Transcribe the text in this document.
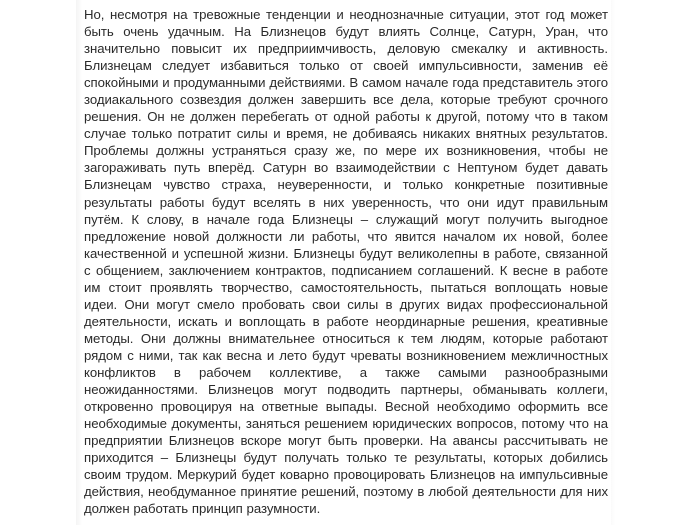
Но, несмотря на тревожные тенденции и неоднозначные ситуации, этот год может быть очень удачным. На Близнецов будут влиять Солнце, Сатурн, Уран, что значительно повысит их предприимчивость, деловую смекалку и активность. Близнецам следует избавиться только от своей импульсивности, заменив её спокойными и продуманными действиями. В самом начале года представитель этого зодиакального созвездия должен завершить все дела, которые требуют срочного решения. Он не должен перебегать от одной работы к другой, потому что в таком случае только потратит силы и время, не добиваясь никаких внятных результатов. Проблемы должны устраняться сразу же, по мере их возникновения, чтобы не загораживать путь вперёд. Сатурн во взаимодействии с Нептуном будет давать Близнецам чувство страха, неуверенности, и только конкретные позитивные результаты работы будут вселять в них уверенность, что они идут правильным путём. К слову, в начале года Близнецы – служащий могут получить выгодное предложение новой должности ли работы, что явится началом их новой, более качественной и успешной жизни. Близнецы будут великолепны в работе, связанной с общением, заключением контрактов, подписанием соглашений. К весне в работе им стоит проявлять творчество, самостоятельность, пытаться воплощать новые идеи. Они могут смело пробовать свои силы в других видах профессиональной деятельности, искать и воплощать в работе неординарные решения, креативные методы. Они должны внимательнее относиться к тем людям, которые работают рядом с ними, так как весна и лето будут чреваты возникновением межличностных конфликтов в рабочем коллективе, а также самыми разнообразными неожиданностями. Близнецов могут подводить партнеры, обманывать коллеги, откровенно провоцируя на ответные выпады. Весной необходимо оформить все необходимые документы, заняться решением юридических вопросов, потому что на предприятии Близнецов вскоре могут быть проверки. На авансы рассчитывать не приходится – Близнецы будут получать только те результаты, которых добились своим трудом. Меркурий будет коварно провоцировать Близнецов на импульсивные действия, необдуманное принятие решений, поэтому в любой деятельности для них должен работать принцип разумности.
